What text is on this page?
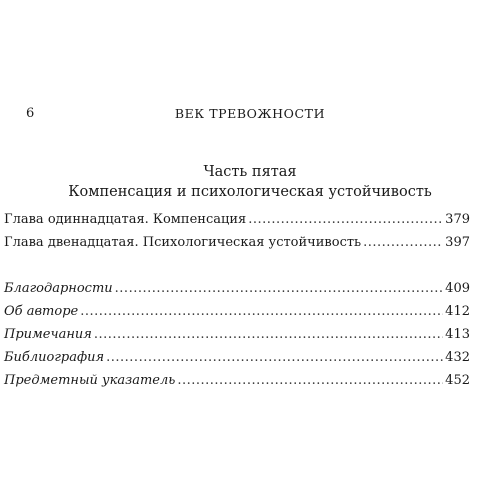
6	ВЕК ТРЕВОЖНОСТИ
Часть пятая
Компенсация и психологическая устойчивость
Глава одиннадцатая. Компенсация .....	379
Глава двенадцатая. Психологическая устойчивость .....	397
Благодарности .....	409
Об авторе .....	412
Примечания .....	413
Библиография .....	432
Предметный указатель .....	452
